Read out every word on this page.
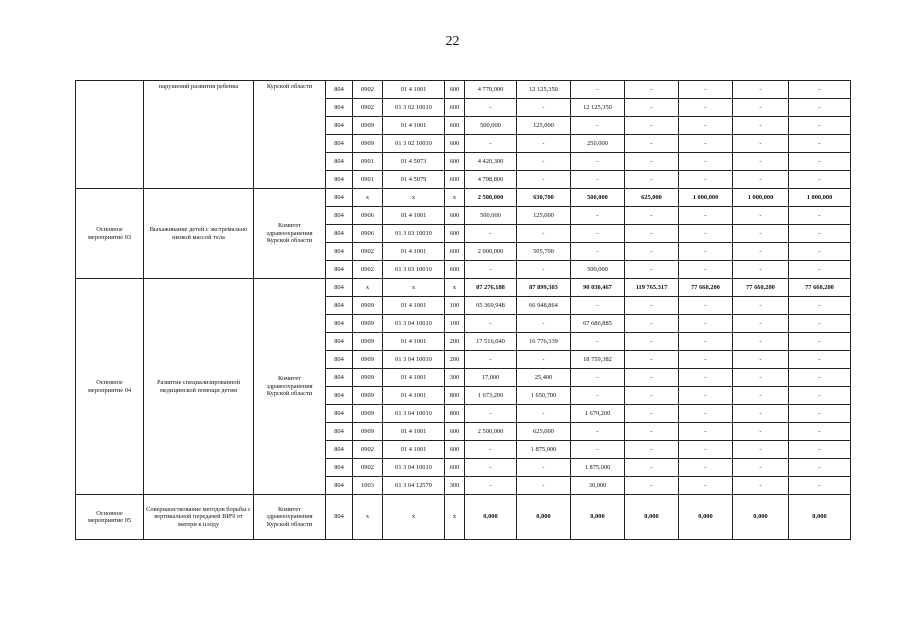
22
	нарушений развития ребенка	Курской области	804	0902	01 4 1001	600	4 770,000	12 125,350	-	-	-	-	-
			804	0902	01 3 02 10010	600	-	-	12 125,350	-	-	-	-
			804	0909	01 4 1001	600	500,000	125,000	-	-	-	-	-
			804	0909	01 3 02 10010	600	-	-	250,000	-	-	-	-
			804	0901	01 4 5073	600	4 420,300	-	-	-	-	-	-
			804	0901	01 4 5079	600	4 798,800	-	-	-	-	-	-
Основное мероприятие 03	Выхаживание детей с экстремально низкой массой тела	Комитет здравоохранения Курской области	804	x	x	x	2 500,000	630,700	500,000	625,000	1 000,000	1 000,000	1 000,000
			804	0906	01 4 1001	600	500,000	125,000	-	-	-	-	-
			804	0906	01 3 03 10010	600	-	-	-	-	-	-	-
			804	0902	01 4 1001	600	2 000,000	505,700	-	-	-	-	-
			804	0902	01 3 03 10010	600	-	-	500,000	-	-	-	-
Основное мероприятие 04	Развитие специализированной медицинской помощи детям	Комитет здравоохранения Курской области	804	x	x	x	87 276,188	87 899,303	90 030,467	119 765,317	77 660,200	77 660,200	77 660,200
			804	0909	01 4 1001	100	65 369,948	66 948,864	-	-	-	-	-
			804	0909	01 3 04 10010	100	-	-	67 686,885	-	-	-	-
			804	0909	01 4 1001	200	17 516,040	16 776,339	-	-	-	-	-
			804	0909	01 3 04 10010	200	-	-	18 759,382	-	-	-	-
			804	0909	01 4 1001	300	17,000	25,400	-	-	-	-	-
			804	0909	01 4 1001	800	1 673,200	1 650,700	-	-	-	-	-
			804	0909	01 3 04 10010	800	-	-	1 679,200	-	-	-	-
			804	0909	01 4 1001	600	2 500,000	625,000	-	-	-	-	-
			804	0902	01 4 1001	600	-	1 875,000	-	-	-	-	-
			804	0902	01 3 04 10010	600	-	-	1 875,000	-	-	-	-
			804	1003	01 3 04 12570	300	-	-	30,000	-	-	-	-
Основное мероприятие 05	Совершенствование методов борьбы с вертикальной передачей ВИЧ от матери к плоду	Комитет здравоохранения Курской области	804	x	x	x	0,000	0,000	0,000	0,000	0,000	0,000	0,000
